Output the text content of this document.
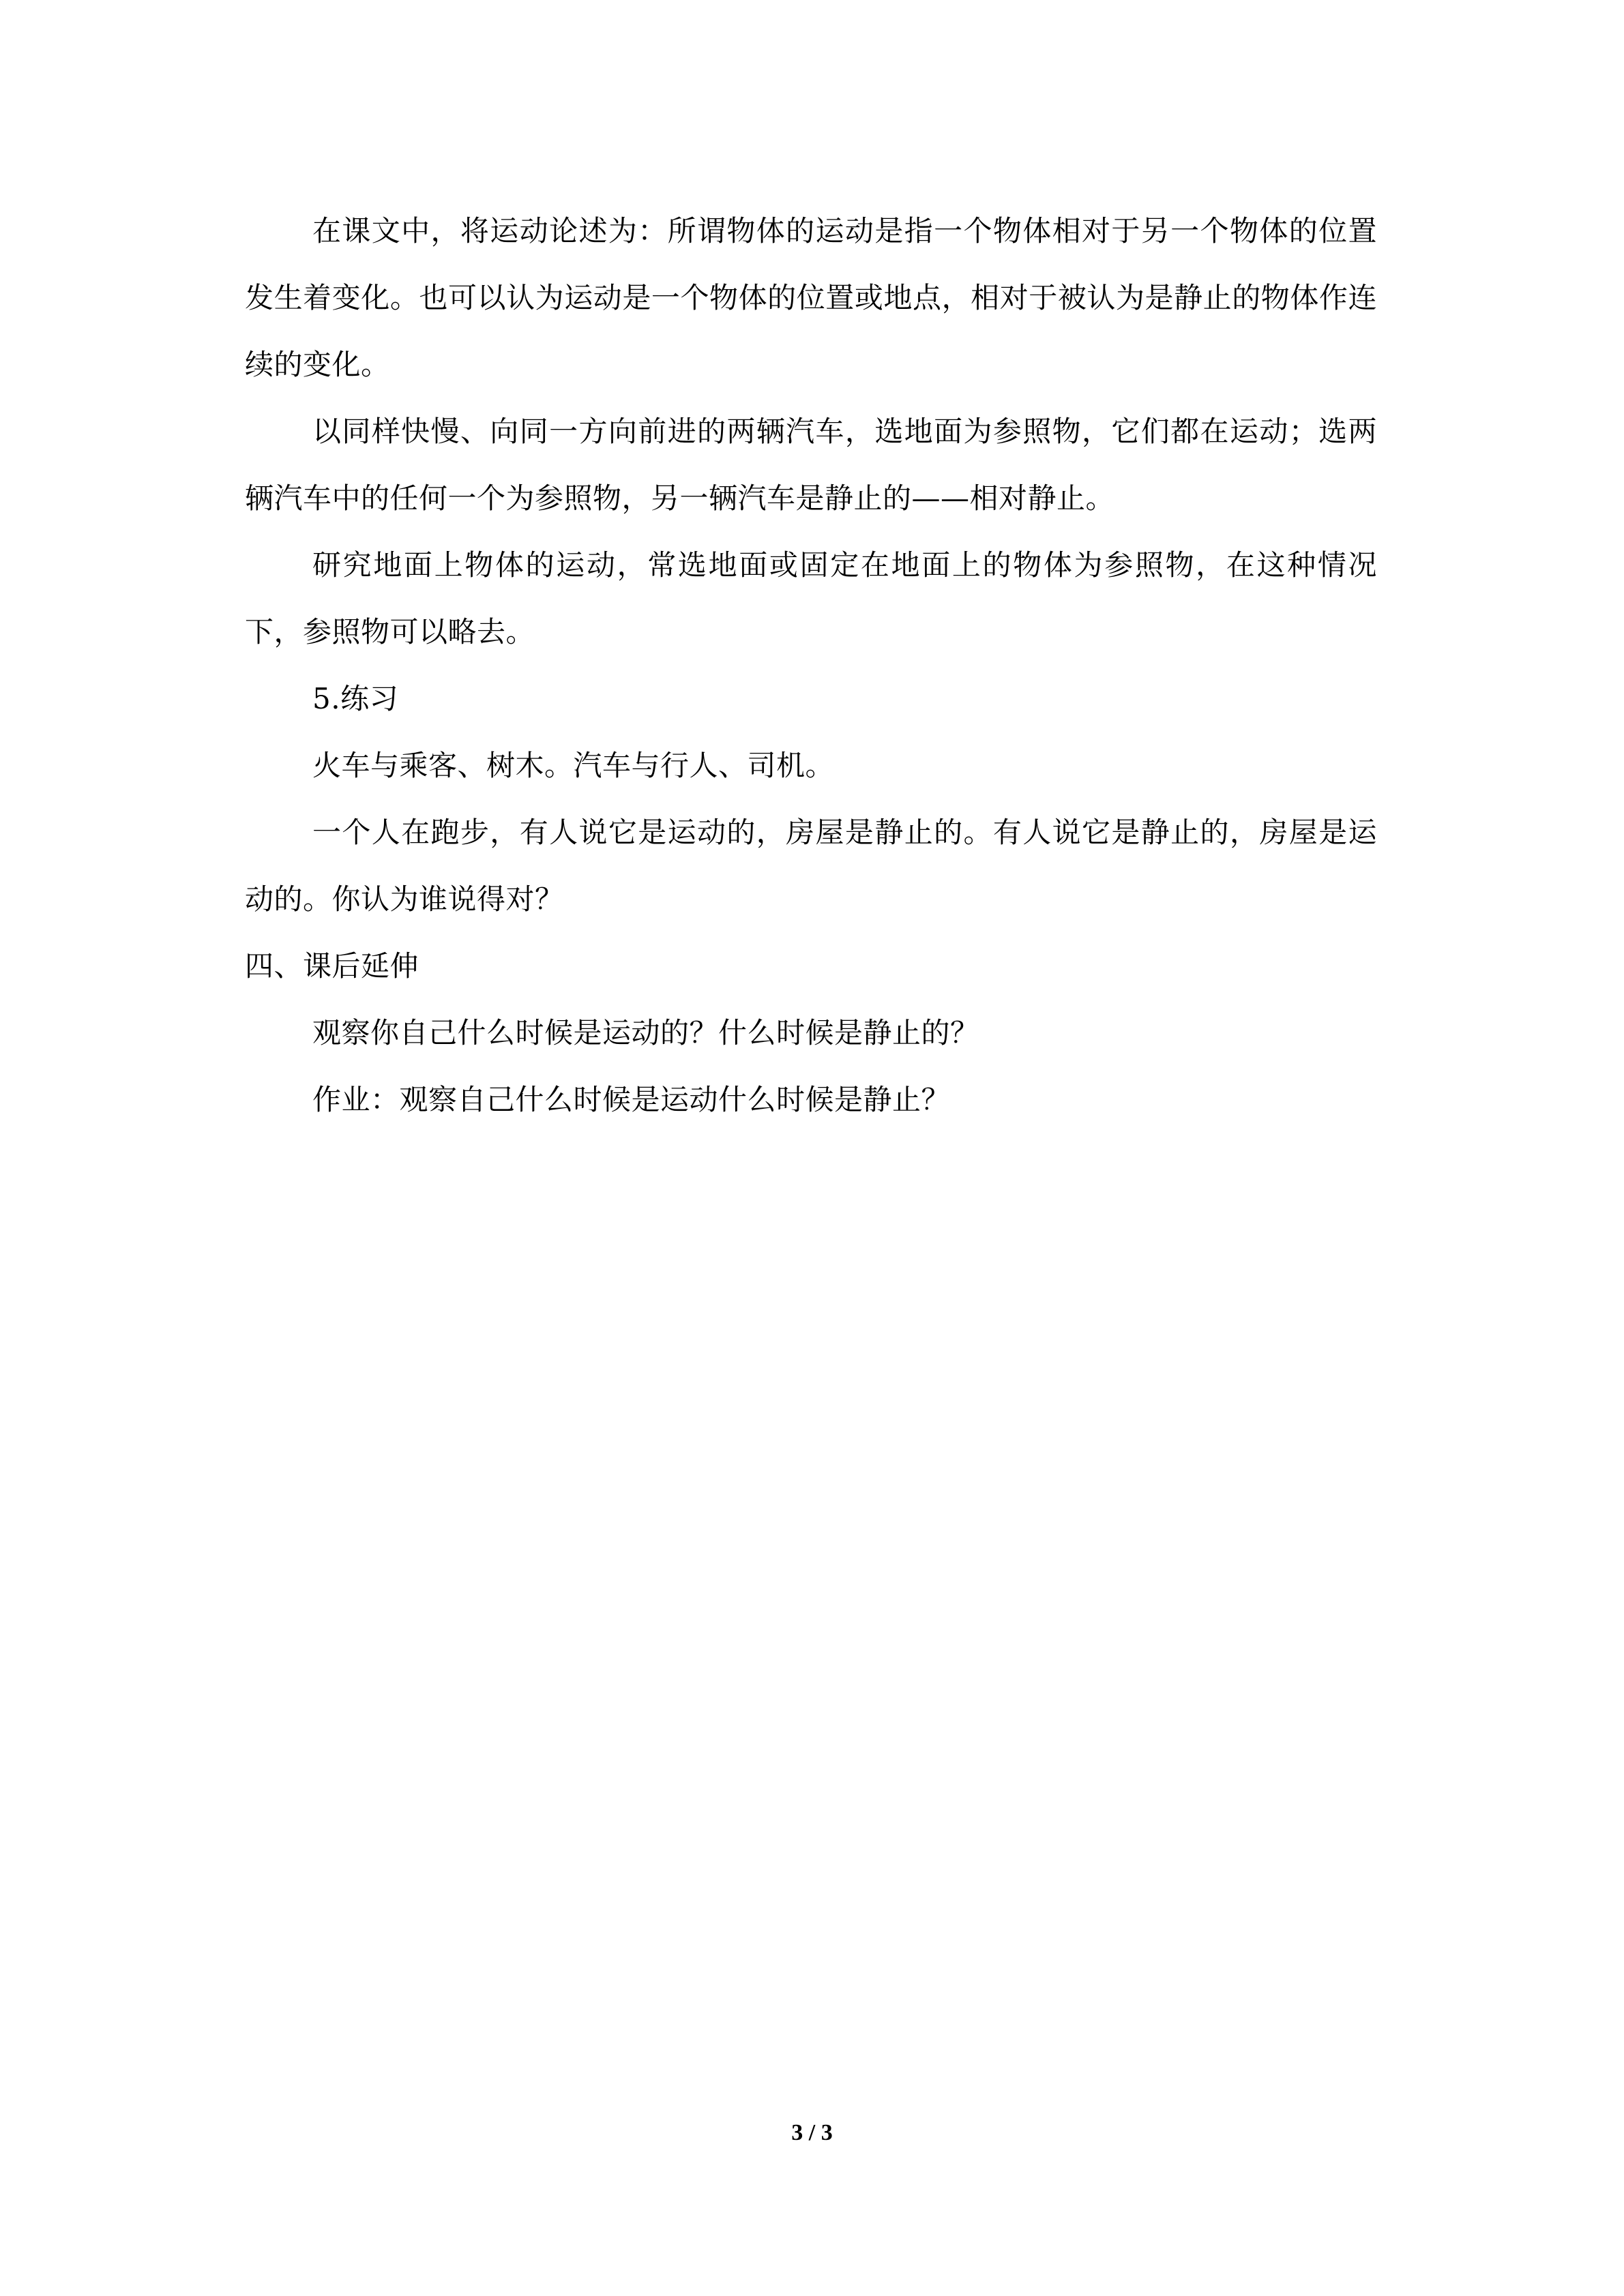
在课文中，将运动论述为：所谓物体的运动是指一个物体相对于另一个物体的位置发生着变化。也可以认为运动是一个物体的位置或地点，相对于被认为是静止的物体作连续的变化。

以同样快慢、向同一方向前进的两辆汽车，选地面为参照物，它们都在运动；选两辆汽车中的任何一个为参照物，另一辆汽车是静止的——相对静止。

研究地面上物体的运动，常选地面或固定在地面上的物体为参照物，在这种情况下，参照物可以略去。

5.练习

火车与乘客、树木。汽车与行人、司机。

一个人在跑步，有人说它是运动的，房屋是静止的。有人说它是静止的，房屋是运动的。你认为谁说得对？

四、课后延伸

观察你自己什么时候是运动的？什么时候是静止的？

作业：观察自己什么时候是运动什么时候是静止？

3 / 3
